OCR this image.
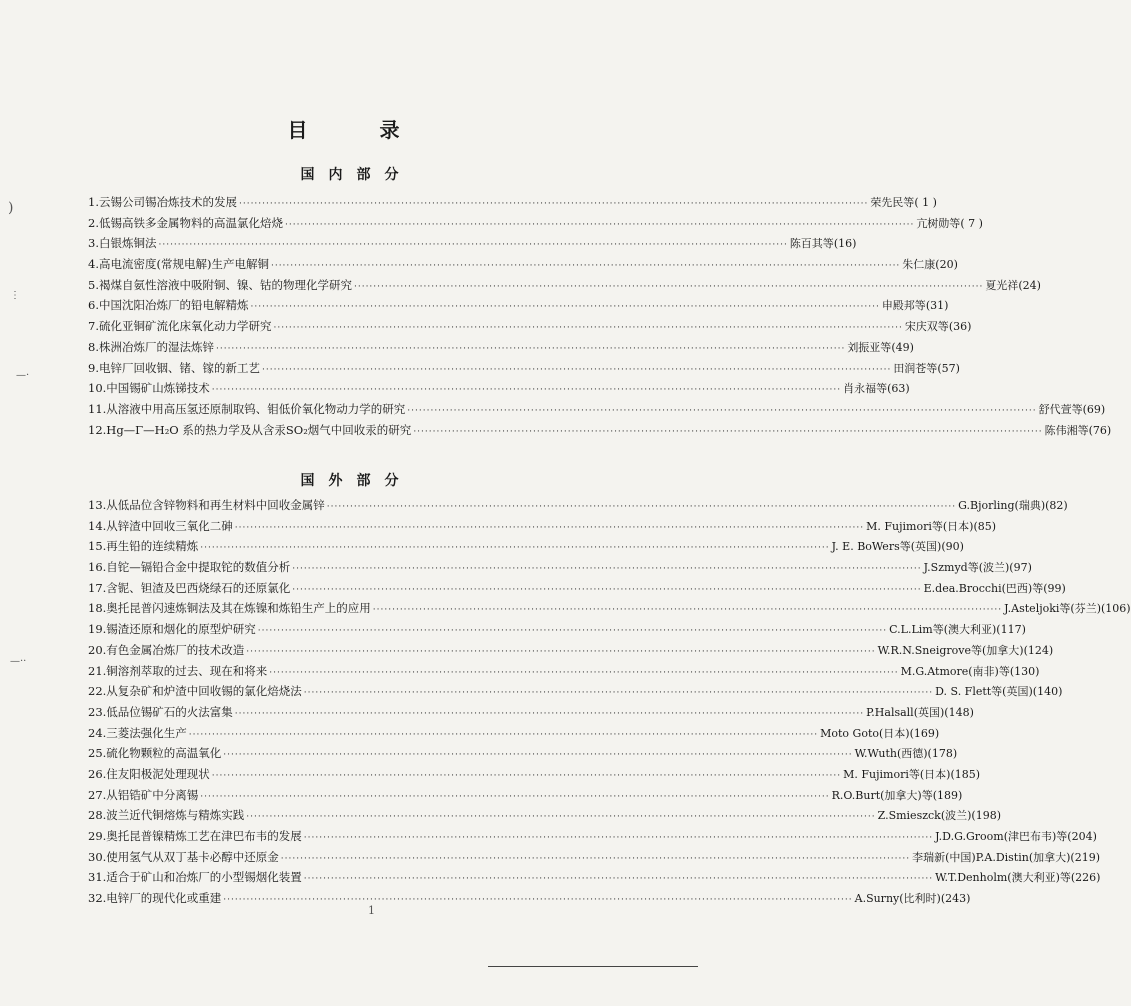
目　录
国内部分
1. 云锡公司锡冶炼技术的发展 ·····	荣先民等 ( 1 )
2. 低锡高铁多金属物料的高温氯化焙烧 ·····	亢树勋等 ( 7 )
3. 白银炼铜法 ·····	陈百其等 (16)
4. 高电流密度(常规电解)生产电解铜 ·····	朱仁康 (20)
5. 褐煤自氨性溶液中吸附铜、镍、钴的物理化学研究 ·····	夏光祥 (24)
6. 中国沈阳冶炼厂的铅电解精炼 ·····	申殿邦等 (31)
7. 硫化亚铜矿流化床氧化动力学研究 ·····	宋庆双等 (36)
8. 株洲冶炼厂的湿法炼锌 ·····	刘振亚等 (49)
9. 电锌厂回收铟、锗、镓的新工艺 ·····	田润苍等 (57)
10. 中国锡矿山炼锑技术 ·····	肖永福等 (63)
11. 从溶液中用高压氢还原制取钨、钼低价氧化物动力学的研究 ·····	舒代萱等 (69)
12. Hg—Γ—H₂O 系的热力学及从含汞SO₂烟气中回收汞的研究 ·····	陈伟湘等 (76)
国外部分
13. 从低品位含锌物料和再生材料中回收金属锌 ·····	G.Bjorling(瑞典) (82)
14. 从锌渣中回收三氧化二砷 ·····	M. Fujimori等(日本) (85)
15. 再生铅的连续精炼 ·····	J. E. BoWers等(英国) (90)
16. 自铊—镉铅合金中提取铊的数值分析 ·····	J.Szmyd等(波兰) (97)
17. 含铌、钽渣及巴西烧绿石的还原氯化 ·····	E.dea.Brocchi(巴西)等 (99)
18. 奥托昆普闪速炼铜法及其在炼镍和炼铅生产上的应用 ·····	J.Asteljoki等(芬兰) (106)
19. 锡渣还原和烟化的原型炉研究 ·····	C.L.Lim等(澳大利亚) (117)
20. 有色金属冶炼厂的技术改造 ·····	W.R.N.Sneigrove等(加拿大) (124)
21. 铜溶剂萃取的过去、现在和将来 ·····	M.G.Atmore(南非)等 (130)
22. 从复杂矿和炉渣中回收锡的氯化焙烧法 ·····	D. S. Flett等(英国) (140)
23. 低品位锡矿石的火法富集 ·····	P.Halsall(英国) (148)
24. 三菱法强化生产 ·····	Moto Goto(日本) (169)
25. 硫化物颗粒的高温氧化 ·····	W.Wuth(西德) (178)
26. 住友阳极泥处理现状 ·····	M. Fujimori等(日本) (185)
27. 从铝锆矿中分离锡 ·····	R.O.Burt(加拿大)等 (189)
28. 波兰近代铜熔炼与精炼实践 ·····	Z.Smieszck(波兰) (198)
29. 奥托昆普镍精炼工艺在津巴布韦的发展 ·····	J.D.G.Groom(津巴布韦)等 (204)
30. 使用氢气从双丁基卡必醇中还原金 ·····	李瑞新(中国)P.A.Distin(加拿大) (219)
31. 适合于矿山和冶炼厂的小型锡烟化装置 ·····	W.T.Denholm(澳大利亚)等 (226)
32. 电锌厂的现代化或重建 ·····	A.Surny(比利时) (243)
1
)
⋮
—·
—··
